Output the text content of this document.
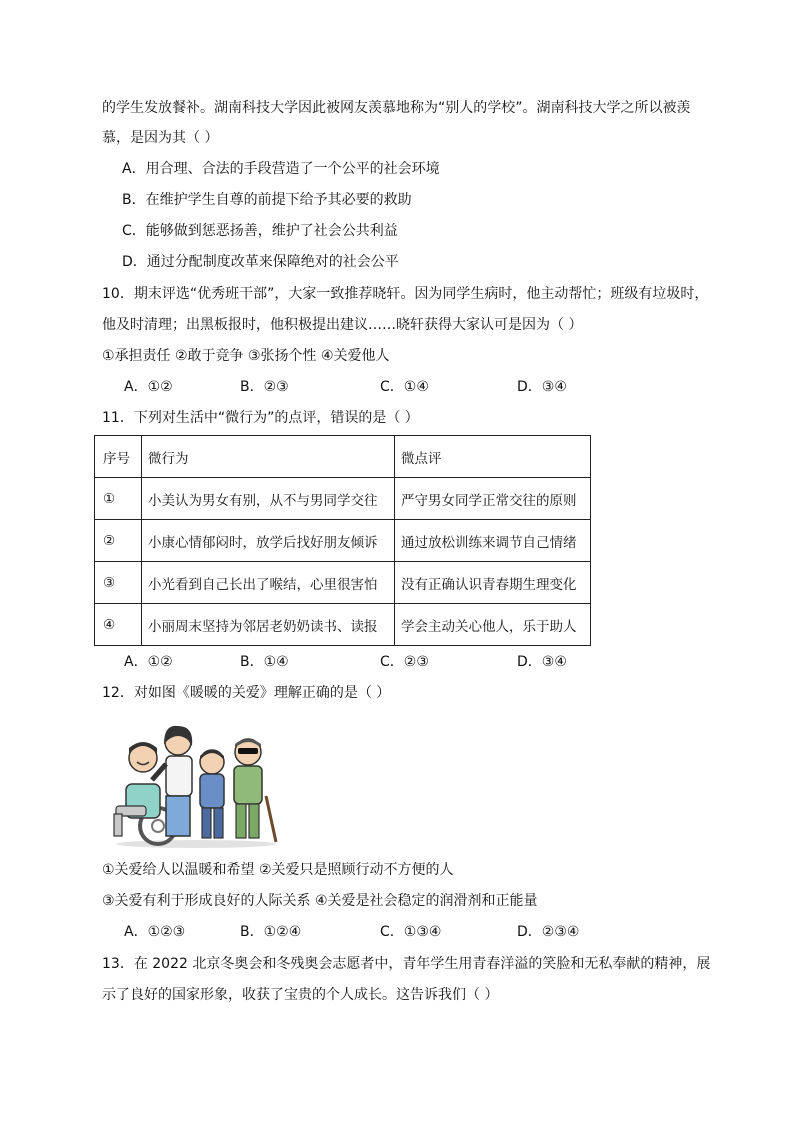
的学生发放餐补。湖南科技大学因此被网友羡慕地称为“别人的学校”。湖南科技大学之所以被羡
慕，是因为其（ ）
A．用合理、合法的手段营造了一个公平的社会环境
B．在维护学生自尊的前提下给予其必要的救助
C．能够做到惩恶扬善，维护了社会公共利益
D．通过分配制度改革来保障绝对的社会公平
10．期末评选“优秀班干部”，大家一致推荐晓轩。因为同学生病时，他主动帮忙；班级有垃圾时，
他及时清理；出黑板报时，他积极提出建议……晓轩获得大家认可是因为（ ）
①承担责任 ②敢于竞争 ③张扬个性 ④关爱他人
A．①②	B．②③	C．①④	D．③④
11．下列对生活中“微行为”的点评，错误的是（ ）
序号	微行为	微点评
①	小美认为男女有别，从不与男同学交往	严守男女同学正常交往的原则
②	小康心情郁闷时，放学后找好朋友倾诉	通过放松训练来调节自己情绪
③	小光看到自己长出了喉结，心里很害怕	没有正确认识青春期生理变化
④	小丽周末坚持为邻居老奶奶读书、读报	学会主动关心他人，乐于助人
A．①②	B．①④	C．②③	D．③④
12．对如图《暖暖的关爱》理解正确的是（ ）
①关爱给人以温暖和希望 ②关爱只是照顾行动不方便的人
③关爱有利于形成良好的人际关系 ④关爱是社会稳定的润滑剂和正能量
A．①②③	B．①②④	C．①③④	D．②③④
13．在 2022 北京冬奥会和冬残奥会志愿者中，青年学生用青春洋溢的笑脸和无私奉献的精神，展
示了良好的国家形象，收获了宝贵的个人成长。这告诉我们（ ）
